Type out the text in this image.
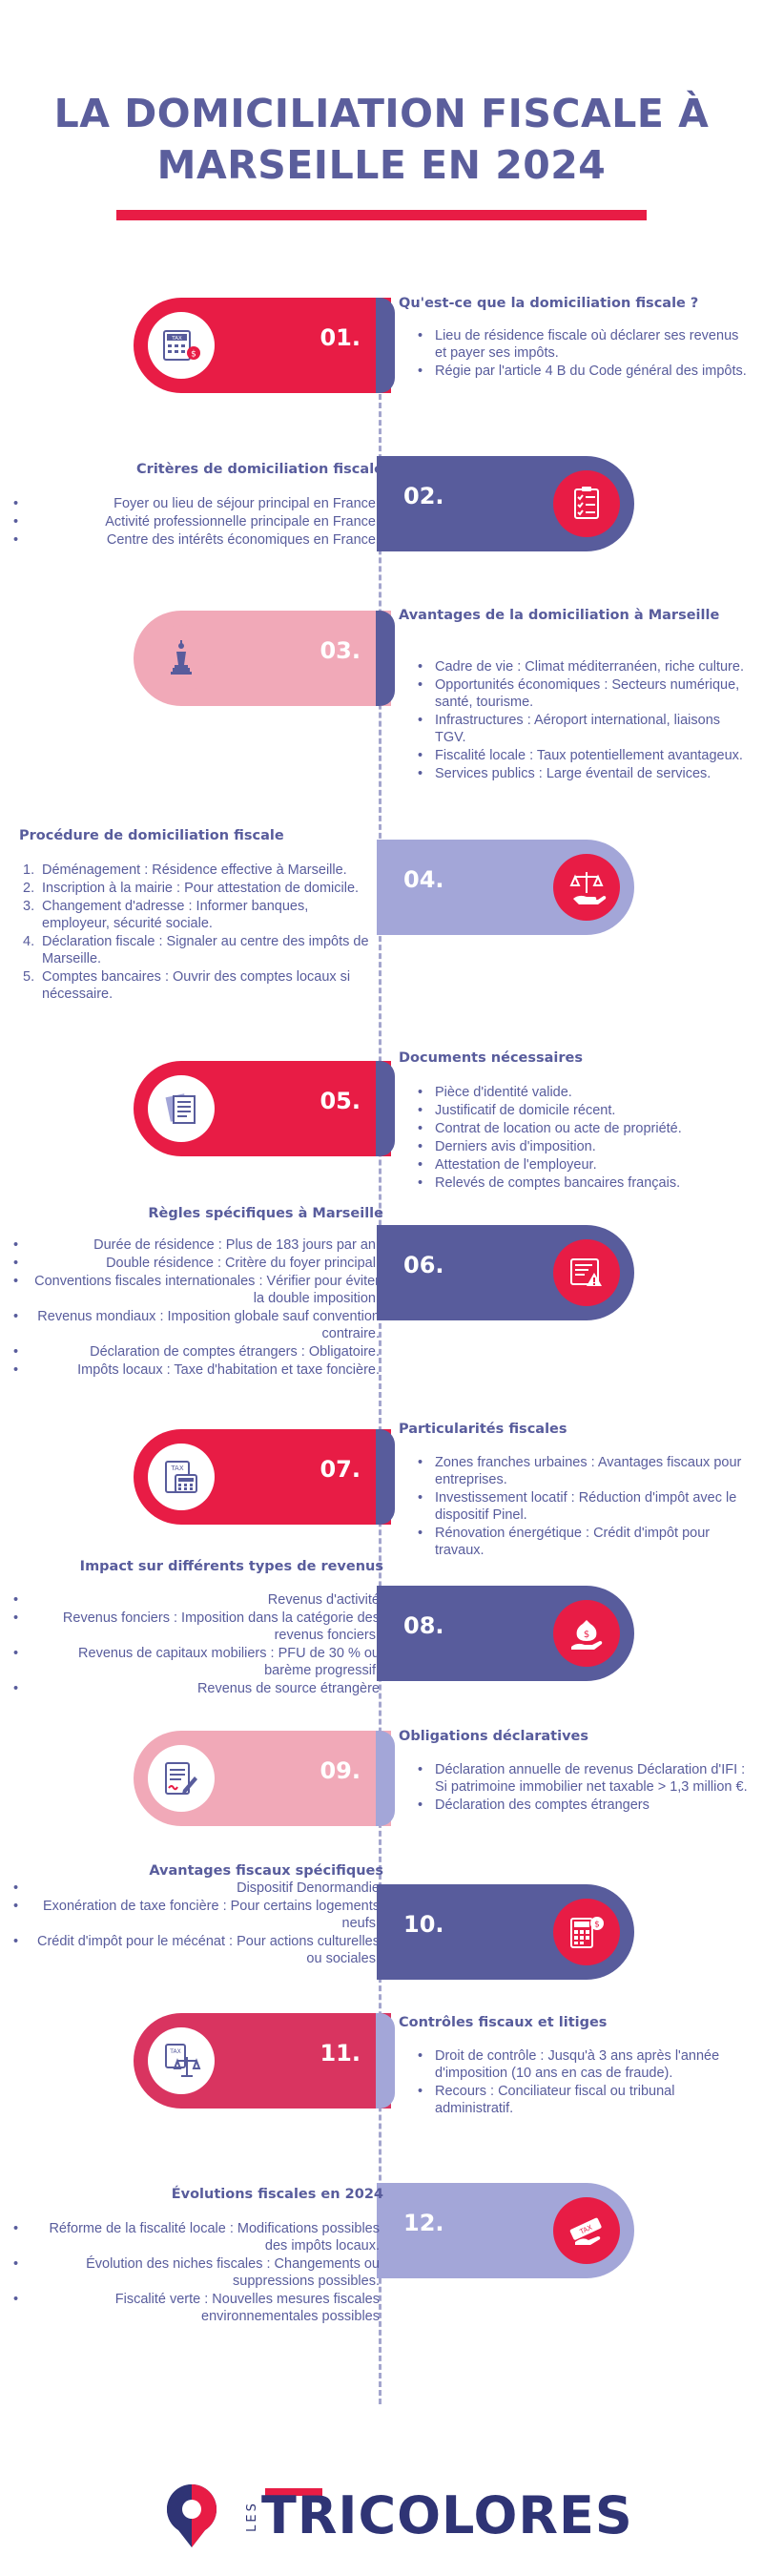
LA DOMICILIATION FISCALE À MARSEILLE EN 2024
TAX
$
01.
Qu'est-ce que la domiciliation fiscale ?
• Lieu de résidence fiscale où déclarer ses revenus et payer ses impôts.
• Régie par l'article 4 B du Code général des impôts.
02.
Critères de domiciliation fiscale
• Foyer ou lieu de séjour principal en France.
• Activité professionnelle principale en France.
• Centre des intérêts économiques en France.
03.
Avantages de la domiciliation à Marseille
• Cadre de vie : Climat méditerranéen, riche culture.
• Opportunités économiques : Secteurs numérique, santé, tourisme.
• Infrastructures : Aéroport international, liaisons TGV.
• Fiscalité locale : Taux potentiellement avantageux.
• Services publics : Large éventail de services.
04.
Procédure de domiciliation fiscale
Déménagement : Résidence effective à Marseille.
Inscription à la mairie : Pour attestation de domicile.
Changement d'adresse : Informer banques, employeur, sécurité sociale.
Déclaration fiscale : Signaler au centre des impôts de Marseille.
Comptes bancaires : Ouvrir des comptes locaux si nécessaire.
05.
Documents nécessaires
• Pièce d'identité valide.
• Justificatif de domicile récent.
• Contrat de location ou acte de propriété.
• Derniers avis d'imposition.
• Attestation de l'employeur.
• Relevés de comptes bancaires français.
06.
Règles spécifiques à Marseille
• Durée de résidence : Plus de 183 jours par an.
• Double résidence : Critère du foyer principal.
• Conventions fiscales internationales : Vérifier pour éviter la double imposition.
• Revenus mondiaux : Imposition globale sauf convention contraire.
• Déclaration de comptes étrangers : Obligatoire.
• Impôts locaux : Taxe d'habitation et taxe foncière.
TAX	07.
Particularités fiscales
• Zones franches urbaines : Avantages fiscaux pour entreprises.
• Investissement locatif : Réduction d'impôt avec le dispositif Pinel.
• Rénovation énergétique : Crédit d'impôt pour travaux.
08.	$
Impact sur différents types de revenus
• Revenus d'activité
• Revenus fonciers : Imposition dans la catégorie des revenus fonciers.
• Revenus de capitaux mobiliers : PFU de 30 % ou barème progressif.
• Revenus de source étrangère
09.
Obligations déclaratives
• Déclaration annuelle de revenus Déclaration d'IFI : Si patrimoine immobilier net taxable > 1,3 million €.
• Déclaration des comptes étrangers
10.	$
Avantages fiscaux spécifiques
• Dispositif Denormandie
• Exonération de taxe foncière : Pour certains logements neufs.
• Crédit d'impôt pour le mécénat : Pour actions culturelles ou sociales.
TAX	11.
Contrôles fiscaux et litiges
• Droit de contrôle : Jusqu'à 3 ans après l'année d'imposition (10 ans en cas de fraude).
• Recours : Conciliateur fiscal ou tribunal administratif.
12.	TAX
Évolutions fiscales en 2024
• Réforme de la fiscalité locale : Modifications possibles des impôts locaux.
• Évolution des niches fiscales : Changements ou suppressions possibles.
• Fiscalité verte : Nouvelles mesures fiscales environnementales possibles
LES TRICOLORES
